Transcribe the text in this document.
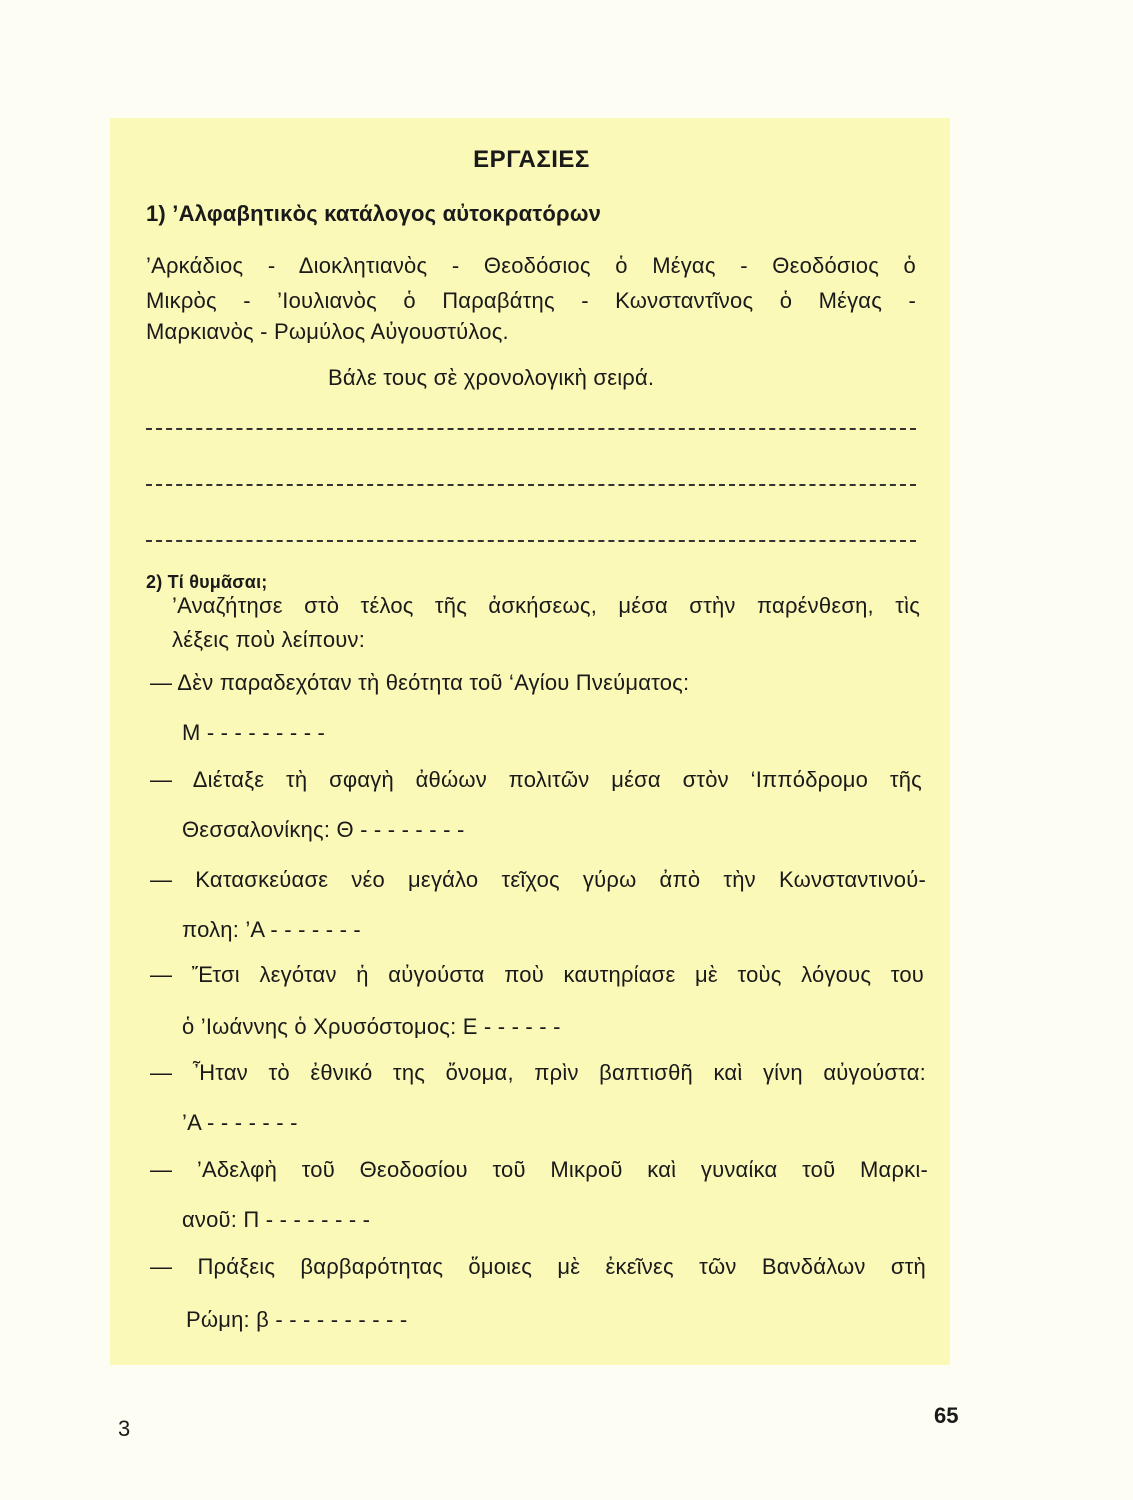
ΕΡΓΑΣΙΕΣ
1) ’Αλφαβητικὸς κατάλογος αὐτοκρατόρων
’Αρκάδιος - Διοκλητιανὸς - Θεοδόσιος ὁ Μέγας - Θεοδόσιος ὁ
Μικρὸς - ’Ιουλιανὸς ὁ Παραβάτης - Κωνσταντῖνος ὁ Μέγας -
Μαρκιανὸς - Ρωμύλος Αὐγουστύλος.
Βάλε τους σὲ χρονολογικὴ σειρά.
2) Τί θυμᾶσαι;
’Αναζήτησε στὸ τέλος τῆς ἀσκήσεως, μέσα στὴν παρένθεση, τὶς
λέξεις ποὺ λείπουν:
— Δὲν παραδεχόταν τὴ θεότητα τοῦ ‘Αγίου Πνεύματος:
Μ - - - - - - - - -
— Διέταξε τὴ σφαγὴ ἀθώων πολιτῶν μέσα στὸν ‘Ιππόδρομο τῆς
Θεσσαλονίκης: Θ - - - - - - - -
— Κατασκεύασε νέο μεγάλο τεῖχος γύρω ἀπὸ τὴν Κωνσταντινού-
πολη: ’Α - - - - - - -
— Ἔτσι λεγόταν ἡ αὐγούστα ποὺ καυτηρίασε μὲ τοὺς λόγους του
ὁ ’Ιωάννης ὁ Χρυσόστομος: Ε - - - - - -
— Ἦταν τὸ ἐθνικό της ὄνομα, πρὶν βαπτισθῆ καὶ γίνη αὐγούστα:
’Α - - - - - - -
— ’Αδελφὴ τοῦ Θεοδοσίου τοῦ Μικροῦ καὶ γυναίκα τοῦ Μαρκι-
ανοῦ: Π - - - - - - - -
— Πράξεις βαρβαρότητας ὅμοιες μὲ ἐκεῖνες τῶν Βανδάλων στὴ
Ρώμη: β - - - - - - - - - -
3
65
